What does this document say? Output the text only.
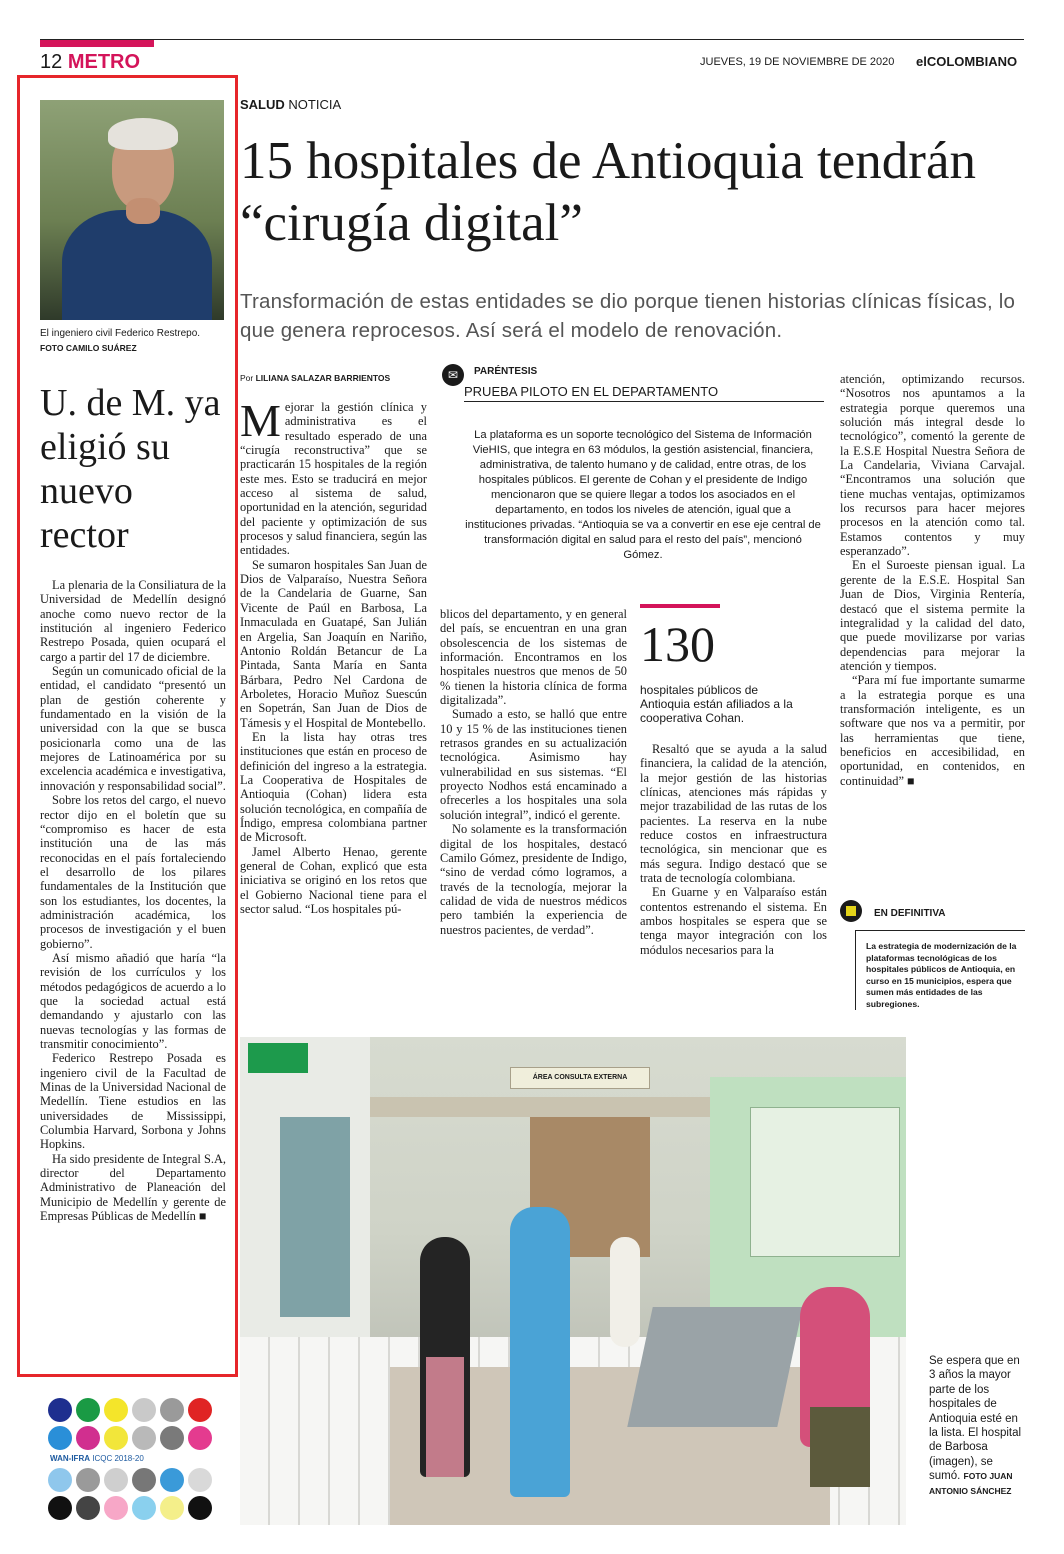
12 METRO	JUEVES, 19 DE NOVIEMBRE DE 2020 elCOLOMBIANO
El ingeniero civil Federico Restrepo. FOTO CAMILO SUÁREZ
U. de M. ya eligió su nuevo rector

La plenaria de la Consiliatura de la Universidad de Medellín designó anoche como nuevo rector de la institución al ingeniero Federico Restrepo Posada, quien ocupará el cargo a partir del 17 de diciembre.

Según un comunicado oficial de la entidad, el candidato “presentó un plan de gestión coherente y fundamentado en la visión de la universidad con la que se busca posicionarla como una de las mejores de Latinoamérica por su excelencia académica e investigativa, innovación y responsabilidad social”.

Sobre los retos del cargo, el nuevo rector dijo en el boletín que su “compromiso es hacer de esta institución una de las más reconocidas en el país fortaleciendo el desarrollo de los pilares fundamentales de la Institución que son los estudiantes, los docentes, la administración académica, los procesos de investigación y el buen gobierno”.

Así mismo añadió que haría “la revisión de los currículos y los métodos pedagógicos de acuerdo a lo que la sociedad actual está demandando y ajustarlo con las nuevas tecnologías y las formas de transmitir conocimiento”.

Federico Restrepo Posada es ingeniero civil de la Facultad de Minas de la Universidad Nacional de Medellín. Tiene estudios en las universidades de Mississippi, Columbia Harvard, Sorbona y Johns Hopkins.

Ha sido presidente de Integral S.A, director del Departamento Administrativo de Planeación del Municipio de Medellín y gerente de Empresas Públicas de Medellín ■

WAN-IFRA ICQC 2018-20
SALUD NOTICIA
15 hospitales de Antioquia tendrán “cirugía digital”
Transformación de estas entidades se dio porque tienen historias clínicas físicas, lo que genera reprocesos. Así será el modelo de renovación.
Por LILIANA SALAZAR BARRIENTOS

Mejorar la gestión clínica y administrativa es el resultado esperado de una “cirugía reconstructiva” que se practicarán 15 hospitales de la región este mes. Esto se traducirá en mejor acceso al sistema de salud, oportunidad en la atención, seguridad del paciente y optimización de sus procesos y salud financiera, según las entidades.

Se sumaron hospitales San Juan de Dios de Valparaíso, Nuestra Señora de la Candelaria de Guarne, San Vicente de Paúl en Barbosa, La Inmaculada en Guatapé, San Julián en Argelia, San Joaquín en Nariño, Antonio Roldán Betancur de La Pintada, Santa María en Santa Bárbara, Pedro Nel Cardona de Arboletes, Horacio Muñoz Suescún en Sopetrán, San Juan de Dios de Támesis y el Hospital de Montebello.

En la lista hay otras tres instituciones que están en proceso de definición del ingreso a la estrategia. La Cooperativa de Hospitales de Antioquia (Cohan) lidera esta solución tecnológica, en compañía de Índigo, empresa colombiana partner de Microsoft.

Jamel Alberto Henao, gerente general de Cohan, explicó que esta iniciativa se originó en los retos que el Gobierno Nacional tiene para el sector salud. “Los hospitales pú-

✉	PARÉNTESIS
PRUEBA PILOTO EN EL DEPARTAMENTO
La plataforma es un soporte tecnológico del Sistema de Información VieHIS, que integra en 63 módulos, la gestión asistencial, financiera, administrativa, de talento humano y de calidad, entre otras, de los hospitales públicos. El gerente de Cohan y el presidente de Indigo mencionaron que se quiere llegar a todos los asociados en el departamento, en todos los niveles de atención, igual que a instituciones privadas. “Antioquia se va a convertir en ese eje central de transformación digital en salud para el resto del país”, mencionó Gómez.

blicos del departamento, y en general del país, se encuentran en una gran obsolescencia de los sistemas de información. Encontramos en los hospitales nuestros que menos de 50 % tienen la historia clínica de forma digitalizada”.

Sumado a esto, se halló que entre 10 y 15 % de las instituciones tienen retrasos grandes en su actualización tecnológica. Asimismo hay vulnerabilidad en sus sistemas. “El proyecto Nodhos está encaminado a ofrecerles a los hospitales una sola solución integral”, indicó el gerente.

No solamente es la transformación digital de los hospitales, destacó Camilo Gómez, presidente de Indigo, “sino de verdad cómo logramos, a través de la tecnología, mejorar la calidad de vida de nuestros médicos pero también la experiencia de nuestros pacientes, de verdad”.

130
hospitales públicos de Antioquia están afiliados a la cooperativa Cohan.

Resaltó que se ayuda a la salud financiera, la calidad de la atención, la mejor gestión de las historias clínicas, atenciones más rápidas y mejor trazabilidad de las rutas de los pacientes. La reserva en la nube reduce costos en infraestructura tecnológica, sin mencionar que es más segura. Indigo destacó que se trata de tecnología colombiana.

En Guarne y en Valparaíso están contentos estrenando el sistema. En ambos hospitales se espera que se tenga mayor integración con los módulos necesarios para la

atención, optimizando recursos. “Nosotros nos apuntamos a la estrategia porque queremos una solución más integral desde lo tecnológico”, comentó la gerente de la E.S.E Hospital Nuestra Señora de La Candelaria, Viviana Carvajal. “Encontramos una solución que tiene muchas ventajas, optimizamos los recursos para hacer mejores procesos en la atención como tal. Estamos contentos y muy esperanzado”.

En el Suroeste piensan igual. La gerente de la E.S.E. Hospital San Juan de Dios, Virginia Rentería, destacó que el sistema permite la integralidad y la calidad del dato, que puede movilizarse por varias dependencias para mejorar la atención y tiempos.

“Para mí fue importante sumarme a la estrategia porque es una transformación inteligente, es un software que nos va a permitir, por las herramientas que tiene, beneficios en accesibilidad, en oportunidad, en contenidos, en continuidad” ■

EN DEFINITIVA
La estrategia de modernización de la plataformas tecnológicas de los hospitales públicos de Antioquia, en curso en 15 municipios, espera que sumen más entidades de las subregiones.
ÁREA CONSULTA EXTERNA
Se espera que en 3 años la mayor parte de los hospitales de Antioquia esté en la lista. El hospital de Barbosa (imagen), se sumó. FOTO JUAN ANTONIO SÁNCHEZ
